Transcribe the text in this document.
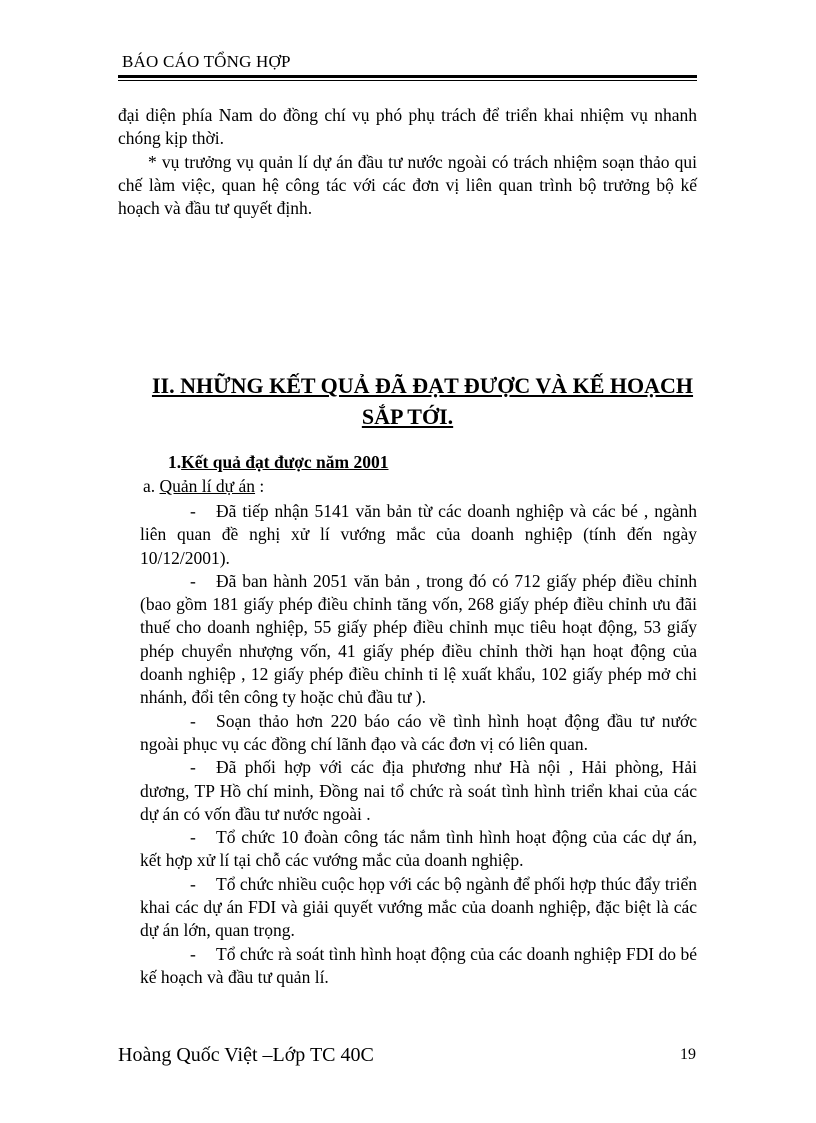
BÁO CÁO TỔNG HỢP

đại diện phía Nam do đồng chí vụ phó phụ trách để triển khai nhiệm vụ nhanh chóng kịp thời.

* vụ trưởng vụ quản lí dự án đầu tư nước ngoài có trách nhiệm soạn thảo qui chế làm việc, quan hệ công tác với các đơn vị liên quan trình bộ trưởng bộ kế hoạch và đầu tư quyết định.

II. NHỮNG KẾT QUẢ ĐÃ ĐẠT ĐƯỢC VÀ KẾ HOẠCH
SẮP TỚI.
1.Kết quả đạt được năm 2001
a. Quản lí dự án :

- Đã tiếp nhận 5141 văn bản từ các doanh nghiệp và các bé , ngành liên quan đề nghị xử lí vướng mắc của doanh nghiệp (tính đến ngày 10/12/2001).

- Đã ban hành 2051 văn bản , trong đó có 712 giấy phép điều chỉnh (bao gồm 181 giấy phép điều chỉnh tăng vốn, 268 giấy phép điều chỉnh ưu đãi thuế cho doanh nghiệp, 55 giấy phép điều chỉnh mục tiêu hoạt động, 53 giấy phép chuyển nhượng vốn, 41 giấy phép điều chỉnh thời hạn hoạt động của doanh nghiệp , 12 giấy phép điều chỉnh tỉ lệ xuất khẩu, 102 giấy phép mở chi nhánh, đổi tên công ty hoặc chủ đầu tư ).

- Soạn thảo hơn 220 báo cáo về tình hình hoạt động đầu tư nước ngoài phục vụ các đồng chí lãnh đạo và các đơn vị có liên quan.

- Đã phối hợp với các địa phương như Hà nội , Hải phòng, Hải dương, TP Hồ chí minh, Đồng nai tổ chức rà soát tình hình triển khai của các dự án có vốn đầu tư nước ngoài .

- Tổ chức 10 đoàn công tác nắm tình hình hoạt động của các dự án, kết hợp xử lí tại chỗ các vướng mắc của doanh nghiệp.

- Tổ chức nhiều cuộc họp với các bộ ngành để phối hợp thúc đẩy triển khai các dự án FDI và giải quyết vướng mắc của doanh nghiệp, đặc biệt là các dự án lớn, quan trọng.

- Tổ chức rà soát tình hình hoạt động của các doanh nghiệp FDI do bé kế hoạch và đầu tư quản lí.

Hoàng Quốc Việt –Lớp TC 40C	19
